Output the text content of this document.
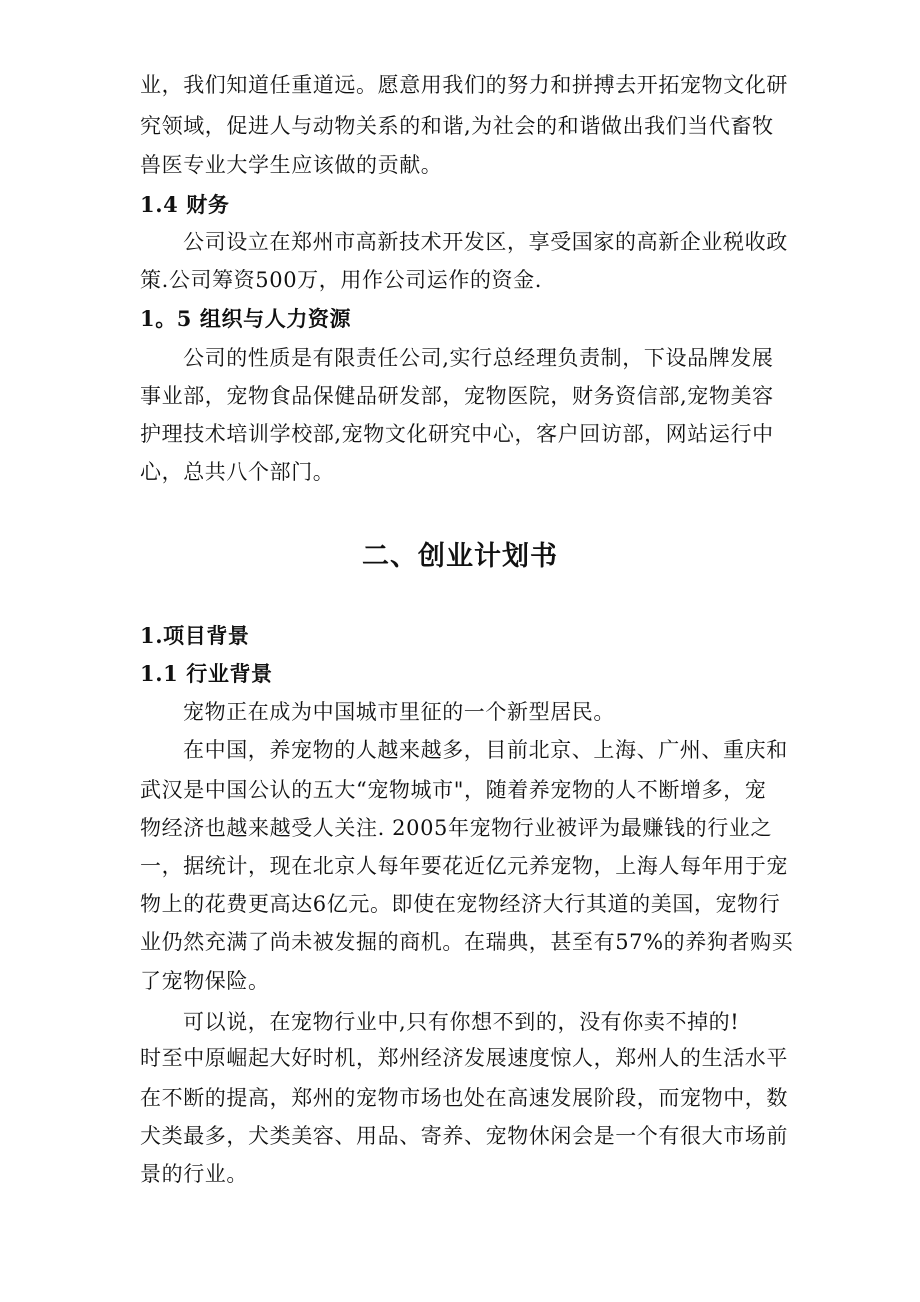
业，我们知道任重道远。愿意用我们的努力和拼搏去开拓宠物文化研
究领域，促进人与动物关系的和谐,为社会的和谐做出我们当代畜牧
兽医专业大学生应该做的贡献。
1.4 财务
公司设立在郑州市高新技术开发区，享受国家的高新企业税收政
策.公司筹资500万，用作公司运作的资金.
1。5 组织与人力资源
公司的性质是有限责任公司,实行总经理负责制，下设品牌发展
事业部，宠物食品保健品研发部，宠物医院，财务资信部,宠物美容
护理技术培训学校部,宠物文化研究中心，客户回访部，网站运行中
心，总共八个部门。
二、创业计划书
1.项目背景
1.1 行业背景
宠物正在成为中国城市里征的一个新型居民。
在中国，养宠物的人越来越多，目前北京、上海、广州、重庆和
武汉是中国公认的五大“宠物城市"，随着养宠物的人不断增多，宠
物经济也越来越受人关注. 2005年宠物行业被评为最赚钱的行业之
一，据统计，现在北京人每年要花近亿元养宠物，上海人每年用于宠
物上的花费更高达6亿元。即使在宠物经济大行其道的美国，宠物行
业仍然充满了尚未被发掘的商机。在瑞典，甚至有57%的养狗者购买
了宠物保险。
可以说，在宠物行业中,只有你想不到的，没有你卖不掉的!
时至中原崛起大好时机，郑州经济发展速度惊人，郑州人的生活水平
在不断的提高，郑州的宠物市场也处在高速发展阶段，而宠物中，数
犬类最多，犬类美容、用品、寄养、宠物休闲会是一个有很大市场前
景的行业。
